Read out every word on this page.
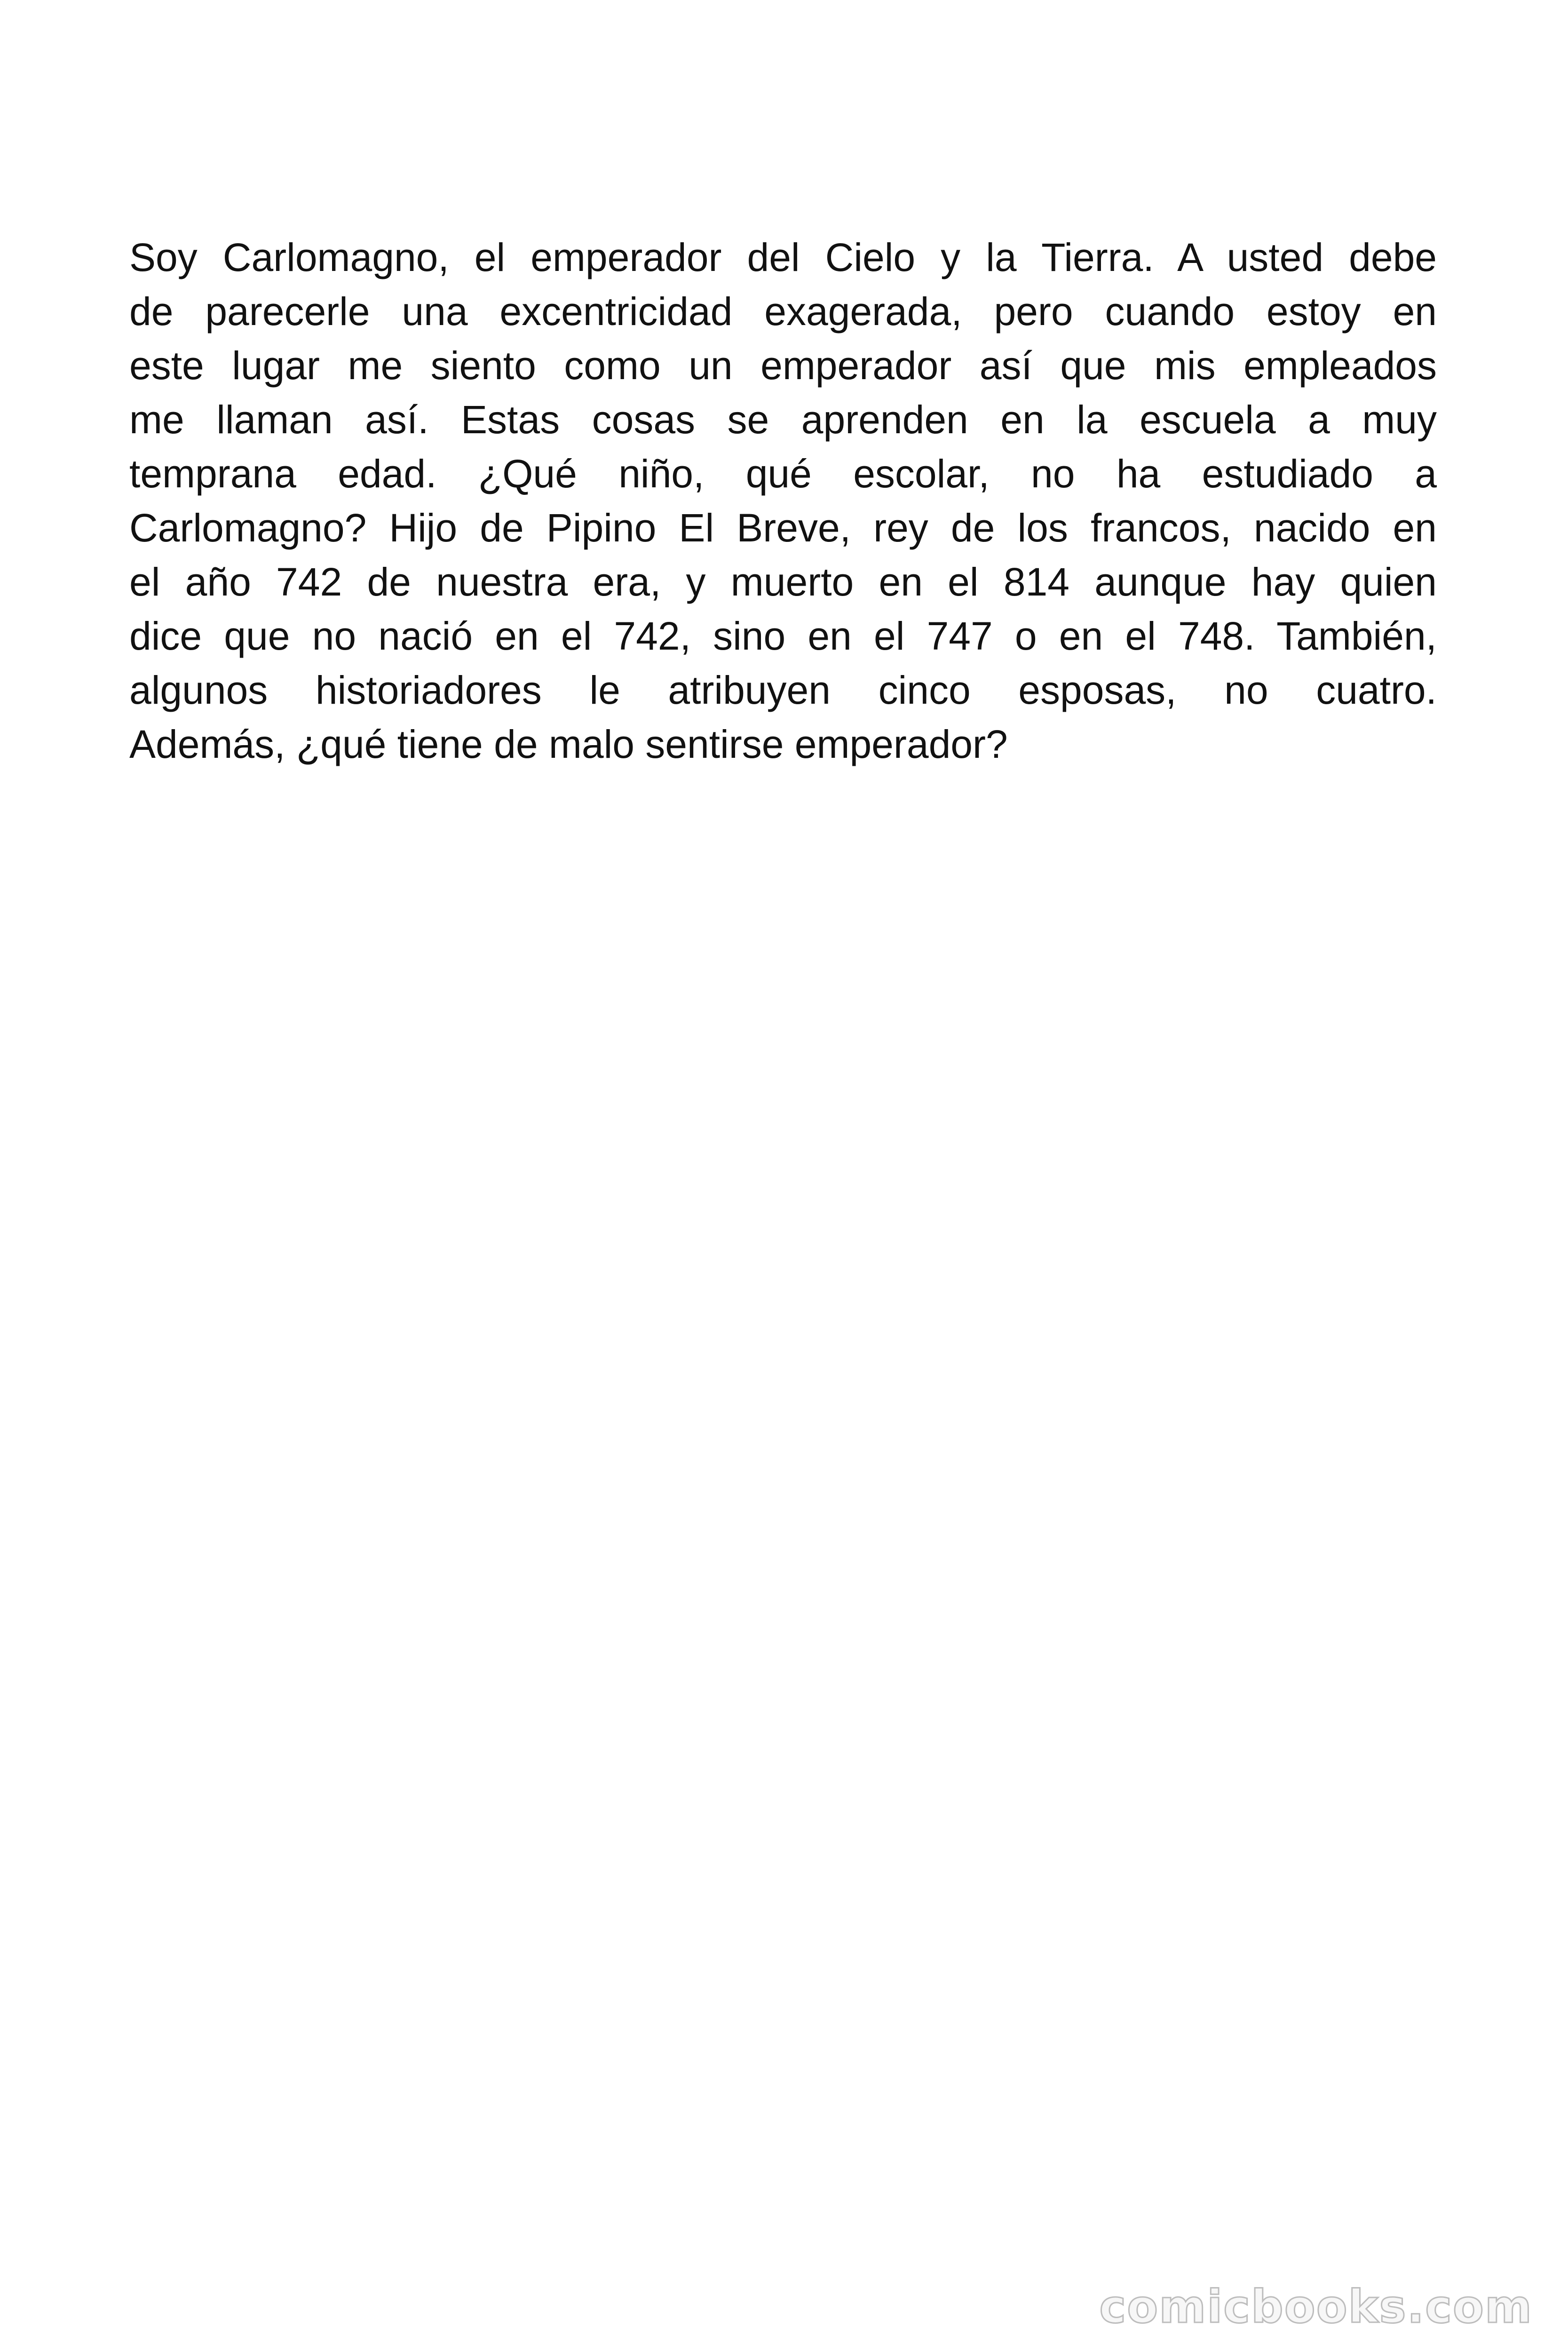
Soy Carlomagno, el emperador del Cielo y la Tierra. A usted debe
de parecerle una excentricidad exagerada, pero cuando estoy en
este lugar me siento como un emperador así que mis empleados
me llaman así. Estas cosas se aprenden en la escuela a muy
temprana edad. ¿Qué niño, qué escolar, no ha estudiado a
Carlomagno? Hijo de Pipino El Breve, rey de los francos, nacido en
el año 742 de nuestra era, y muerto en el 814 aunque hay quien
dice que no nació en el 742, sino en el 747 o en el 748. También,
algunos historiadores le atribuyen cinco esposas, no cuatro.
Además, ¿qué tiene de malo sentirse emperador?
comicbooks.com
